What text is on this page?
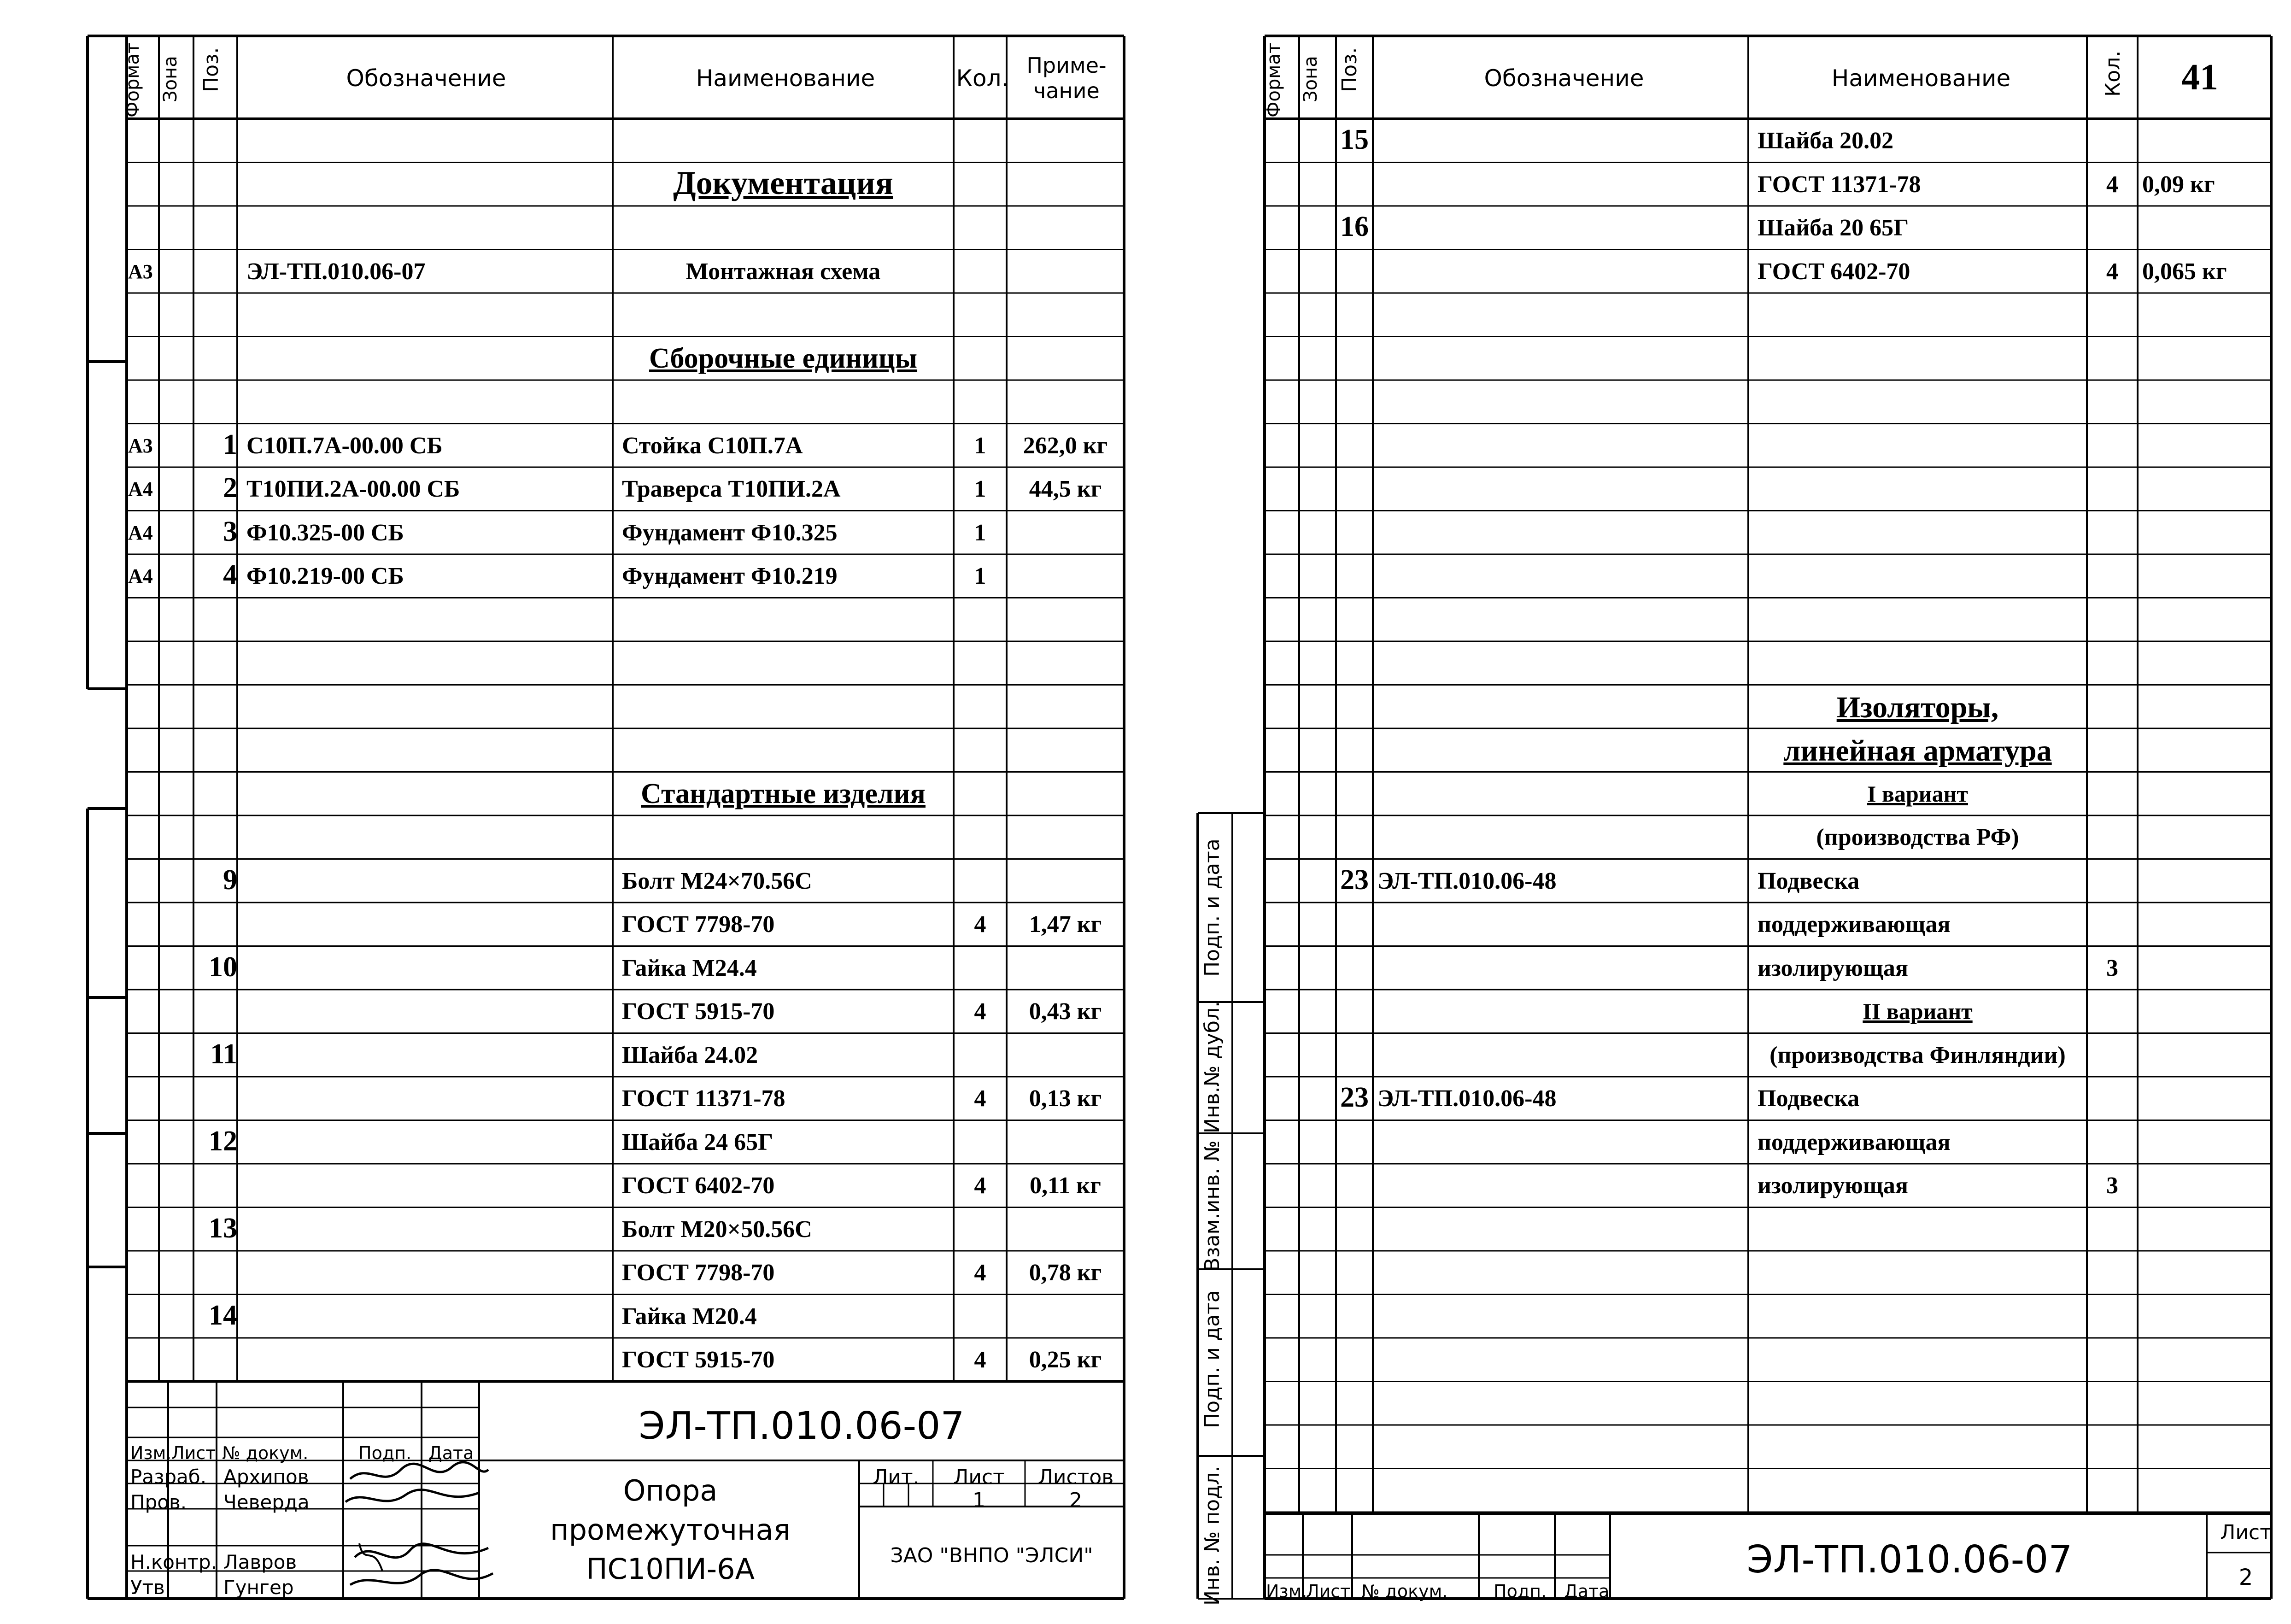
Документация
А3	ЭЛ-ТП.010.06-07	Монтажная схема
Сборочные единицы
А3	1 С10П.7А-00.00 СБ	Стойка С10П.7А	1	262,0 кг
А4	2 Т10ПИ.2А-00.00 СБ	Траверса Т10ПИ.2А	1	44,5 кг
А4	3 Ф10.325-00 СБ	Фундамент Ф10.325	1
А4	4 Ф10.219-00 СБ	Фундамент Ф10.219	1
Стандартные изделия
9	Болт М24×70.56С
ГОСТ 7798-70	4	1,47 кг
10	Гайка М24.4
ГОСТ 5915-70	4	0,43 кг
11	Шайба 24.02
ГОСТ 11371-78	4	0,13 кг
12	Шайба 24 65Г
ГОСТ 6402-70	4	0,11 кг
13	Болт М20×50.56С
ГОСТ 7798-70	4	0,78 кг
14	Гайка М20.4
ГОСТ 5915-70	4	0,25 кг
Формат Зона Поз.	Обозначение	Наименование	Кол. Приме-
чание
ЭЛ-ТП.010.06-07
Изм. Лист № докум.	Подп. Дата
Разраб. Архипов
Пров. Чеверда
Н.контр. Лавров
Утв.	Гунгер
Опора
промежуточная
ПС10ПИ-6А
Лит.	Лист	Листов
1	2
ЗАО "ВНПО "ЭЛСИ"
15	Шайба 20.02
ГОСТ 11371-78	4	0,09 кг
16	Шайба 20 65Г
ГОСТ 6402-70	4	0,065 кг
Изоляторы,
линейная арматура
I вариант
(производства РФ)
23 ЭЛ-ТП.010.06-48	Подвеска
поддерживающая
изолирующая	3
II вариант
(производства Финляндии)
23 ЭЛ-ТП.010.06-48	Подвеска
поддерживающая
изолирующая	3
Формат Зона Поз.	Обозначение	Наименование	Кол.	41
Подп. и дата
Инв.№ дубл.
Взам.инв. №
Подп. и дата
Инв. № подл. Изм.
Лист № докум.	Подп. Дата
ЭЛ-ТП.010.06-07
Лист
2
